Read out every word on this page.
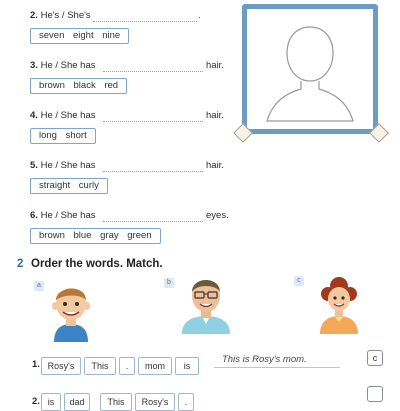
2. He's / She's	.
seven eight nine
3. He / She has	hair.
brown black red
4. He / She has	hair.
long short
5. He / She has	hair.
straight curly
6. He / She has	eyes.
brown blue gray green
2 Order the words. Match.
a	b	c
1. Rosy's	This	.	mom	is
This is Rosy's mom.	c
2. is	dad	This	Rosy's	.
